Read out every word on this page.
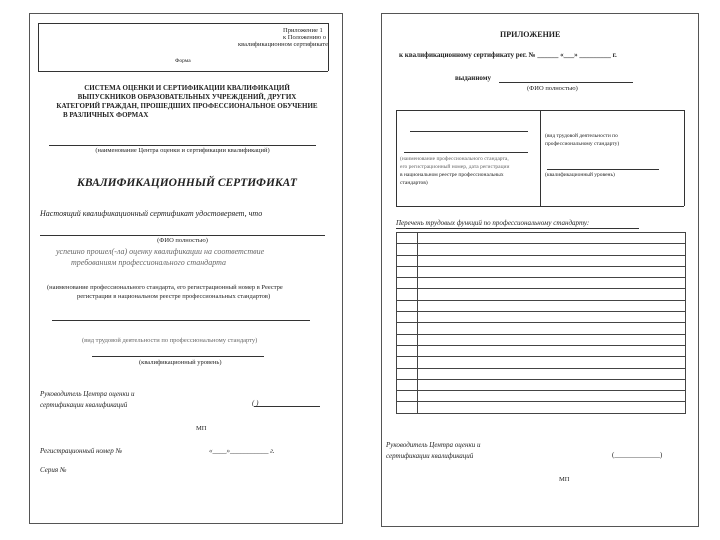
Приложение 1
к Положению о
квалификационном сертификате
Форма
СИСТЕМА ОЦЕНКИ И СЕРТИФИКАЦИИ КВАЛИФИКАЦИЙ
ВЫПУСКНИКОВ ОБРАЗОВАТЕЛЬНЫХ УЧРЕЖДЕНИЙ, ДРУГИХ
КАТЕГОРИЙ ГРАЖДАН, ПРОШЕДШИХ ПРОФЕССИОНАЛЬНОЕ ОБУЧЕНИЕ
В РАЗЛИЧНЫХ ФОРМАХ
(наименование Центра оценки и сертификации квалификаций)
КВАЛИФИКАЦИОННЫЙ СЕРТИФИКАТ
Настоящий квалификационный сертификат удостоверяет, что
(ФИО полностью)
успешно прошел(-ла) оценку квалификации на соответствие
требованиям профессионального стандарта
(наименование профессионального стандарта, его регистрационный номер в Реестре
регистрации в национальном реестре профессиональных стандартов)
(вид трудовой деятельности по профессиональному стандарту)
(квалификационный уровень)
Руководитель Центра оценки и
сертификации квалификаций	( )
МП
Регистрационный номер №	«____»___________ г.
Серия №
ПРИЛОЖЕНИЕ
к квалификационному сертификату рег. № ______ «___» _________ г.
выданному
(ФИО полностью)
(наименование профессионального стандарта,
его регистрационный номер, дата регистрации
в национальном реестре профессиональных
стандартов)
(вид трудовой деятельности по
профессиональному стандарту)
(квалификационный уровень)
Перечень трудовых функций по профессиональному стандарту:

Руководитель Центра оценки и
сертификации квалификаций	(_____________)
МП
